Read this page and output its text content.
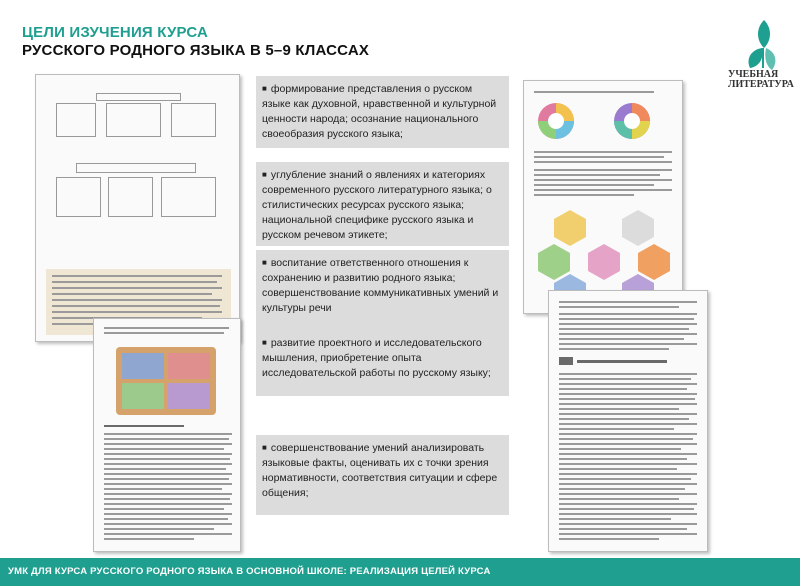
ЦЕЛИ ИЗУЧЕНИЯ КУРСА
РУССКОГО РОДНОГО ЯЗЫКА В 5–9 КЛАССАХ
УЧЕБНАЯ
ЛИТЕРАТУРА
■ формирование представления о русском языке как духовной, нравственной и культурной ценности народа; осознание национального своеобразия русского языка;
■ углубление знаний о явлениях и категориях современного русского литературного языка; о стилистических ресурсах русского языка; национальной специфике русского языка и русском речевом этикете;
■ воспитание ответственного отношения к сохранению и развитию родного языка; совершенствование коммуникативных умений и культуры речи
■ развитие проектного и исследовательского мышления, приобретение опыта исследовательской работы по русскому языку;
■ совершенствование умений анализировать языковые факты, оценивать их с точки зрения нормативности, соответствия ситуации и сфере общения;
УМК ДЛЯ КУРСА РУССКОГО РОДНОГО ЯЗЫКА В ОСНОВНОЙ ШКОЛЕ: РЕАЛИЗАЦИЯ ЦЕЛЕЙ КУРСА
